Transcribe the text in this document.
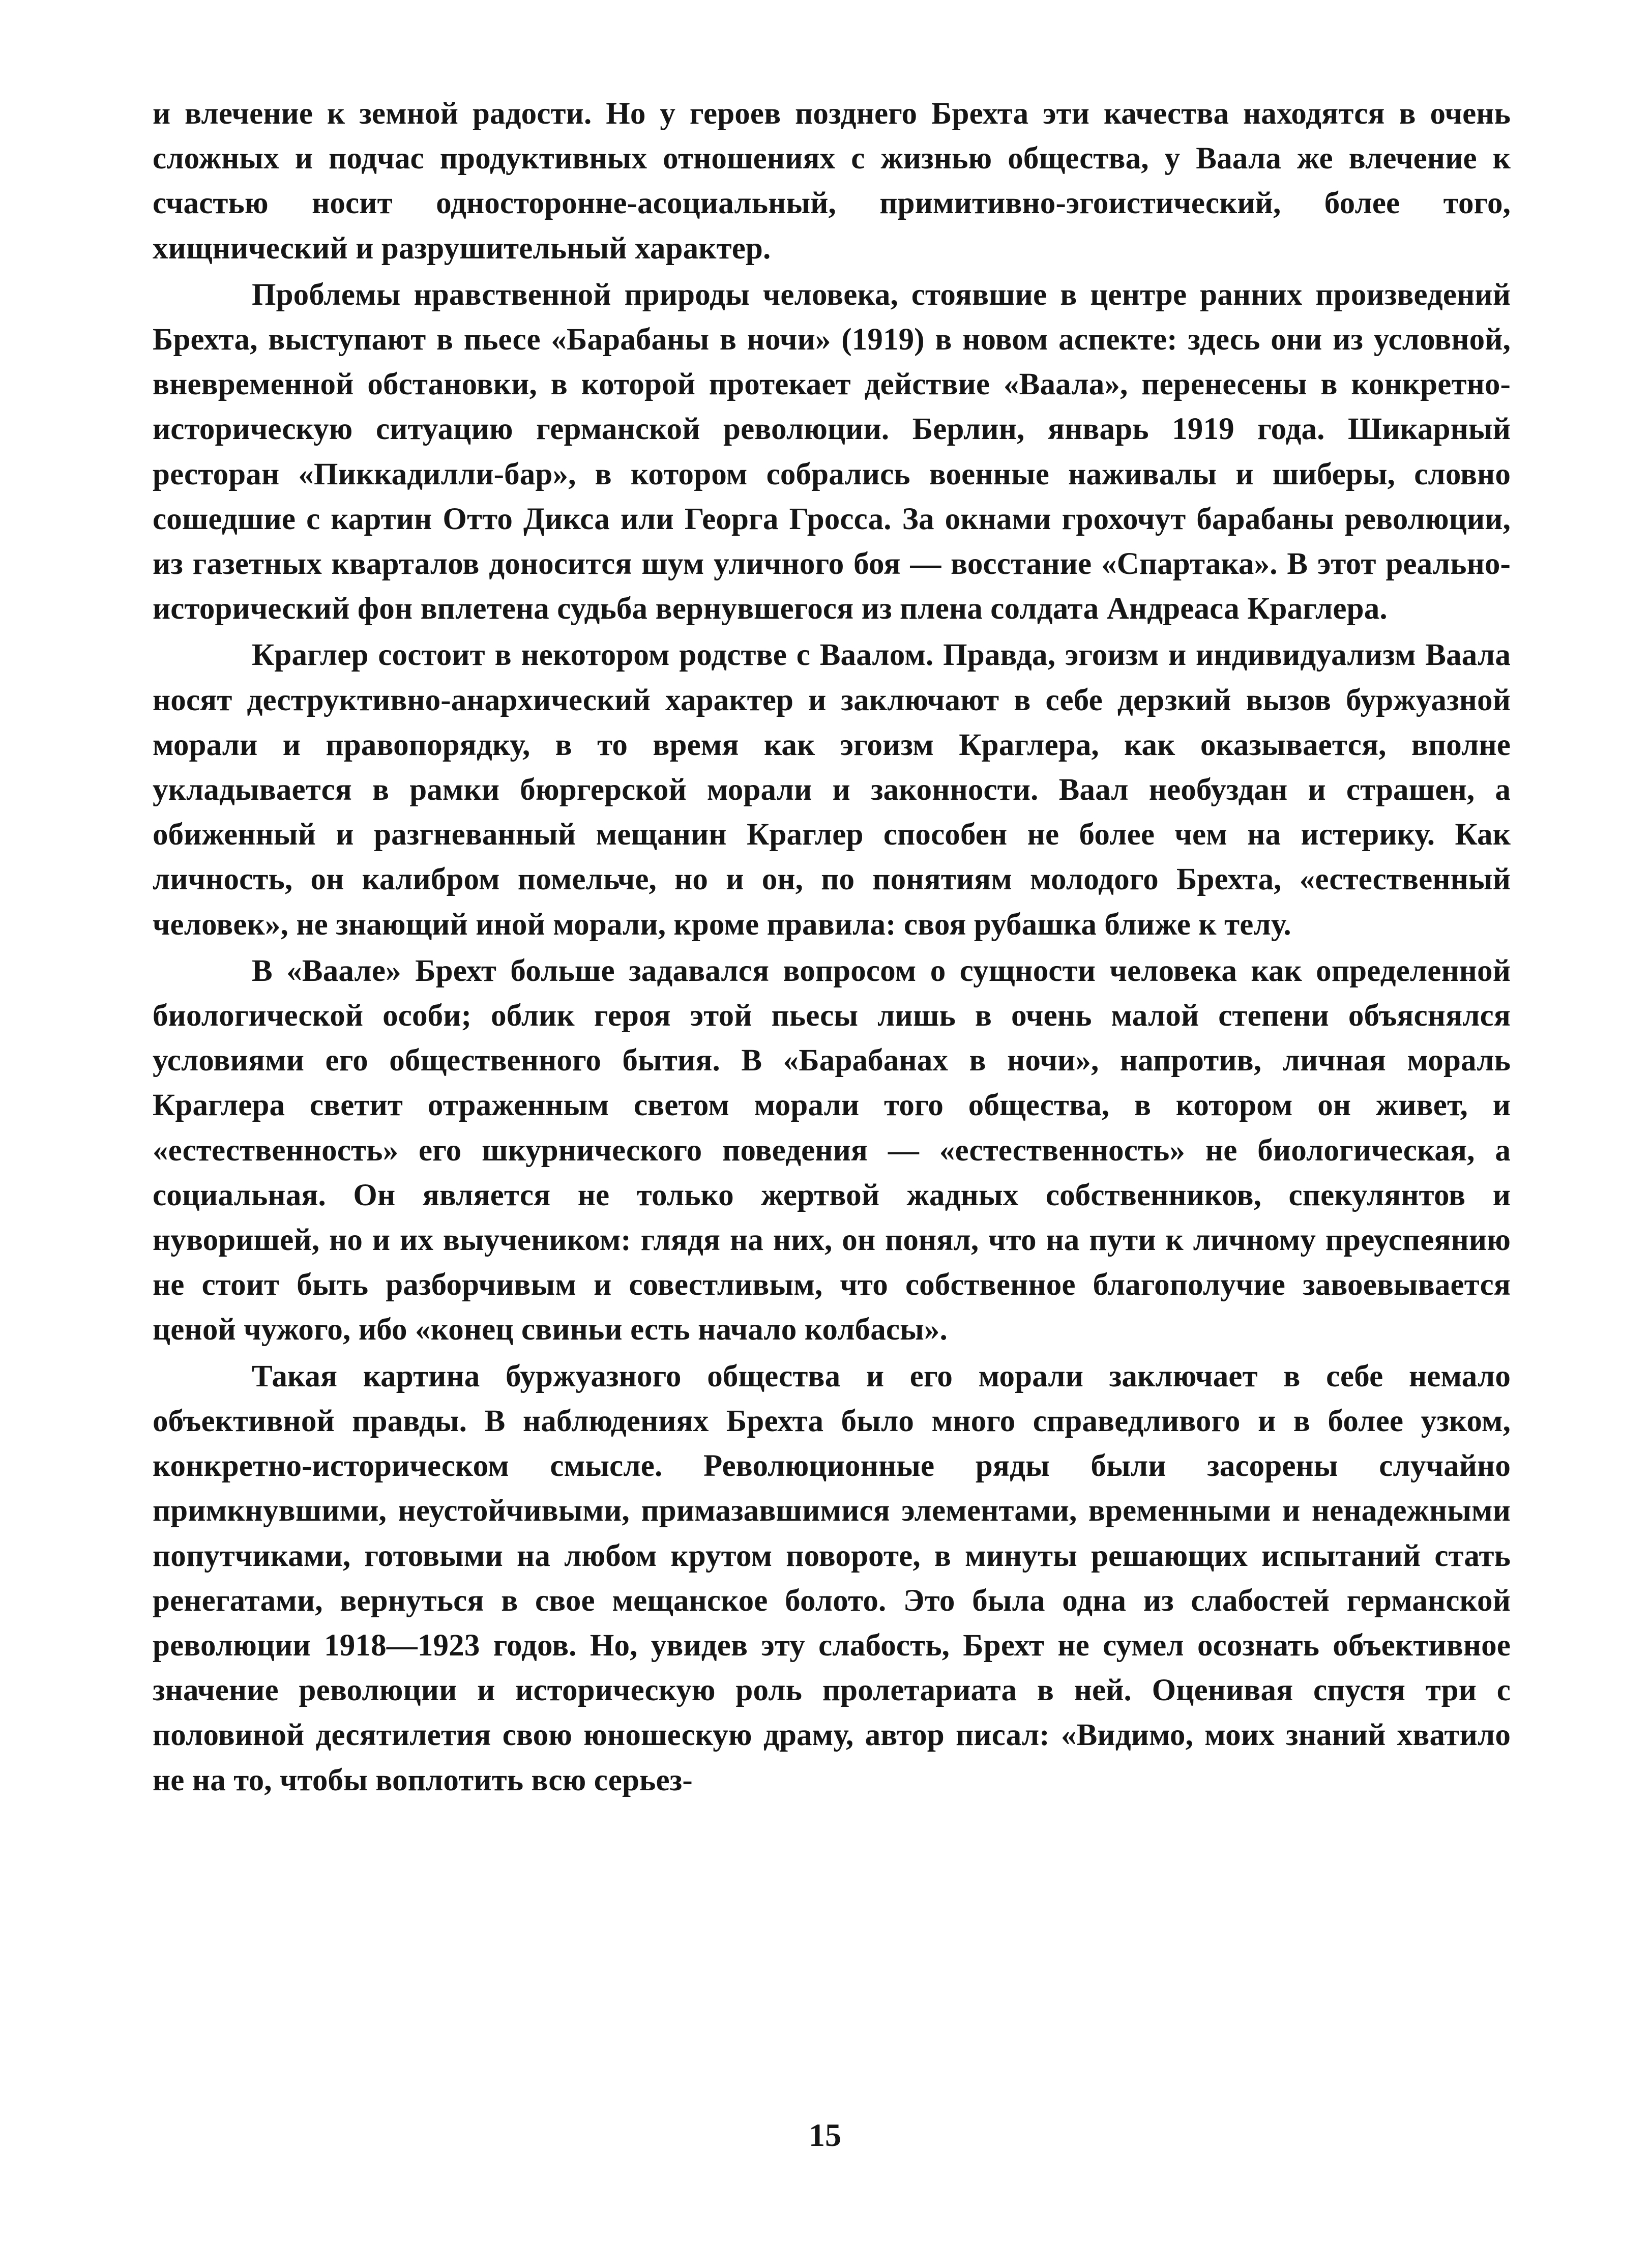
и влечение к земной радости. Но у героев позднего Брехта эти качества находятся в очень сложных и подчас продуктивных отношениях с жизнью общества, у Ваала же влечение к счастью носит односторонне-асоциальный, примитивно-эгоистический, более того, хищнический и разрушительный характер.

Проблемы нравственной природы человека, стоявшие в центре ранних произведений Брехта, выступают в пьесе «Барабаны в ночи» (1919) в новом аспекте: здесь они из условной, вневременной обстановки, в которой протекает действие «Ваала», перенесены в конкретно-историческую ситуацию германской революции. Берлин, январь 1919 года. Шикарный ресторан «Пиккадилли-бар», в котором собрались военные наживалы и шиберы, словно сошедшие с картин Отто Дикса или Георга Гросса. За окнами грохочут барабаны революции, из газетных кварталов доносится шум уличного боя — восстание «Спартака». В этот реально-исторический фон вплетена судьба вернувшегося из плена солдата Андреаса Краглера.

Краглер состоит в некотором родстве с Ваалом. Правда, эгоизм и индивидуализм Ваала носят деструктивно-анархический характер и заключают в себе дерзкий вызов буржуазной морали и правопорядку, в то время как эгоизм Краглера, как оказывается, вполне укладывается в рамки бюргерской морали и законности. Ваал необуздан и страшен, а обиженный и разгневанный мещанин Краглер способен не более чем на истерику. Как личность, он калибром помельче, но и он, по понятиям молодого Брехта, «естественный человек», не знающий иной морали, кроме правила: своя рубашка ближе к телу.

В «Ваале» Брехт больше задавался вопросом о сущности человека как определенной биологической особи; облик героя этой пьесы лишь в очень малой степени объяснялся условиями его общественного бытия. В «Барабанах в ночи», напротив, личная мораль Краглера светит отраженным светом морали того общества, в котором он живет, и «естественность» его шкурнического поведения — «естественность» не биологическая, а социальная. Он является не только жертвой жадных собственников, спекулянтов и нуворишей, но и их выучеником: глядя на них, он понял, что на пути к личному преуспеянию не стоит быть разборчивым и совестливым, что собственное благополучие завоевывается ценой чужого, ибо «конец свиньи есть начало колбасы».

Такая картина буржуазного общества и его морали заключает в себе немало объективной правды. В наблюдениях Брехта было много справедливого и в более узком, конкретно-историческом смысле. Революционные ряды были засорены случайно примкнувшими, неустойчивыми, примазавшимися элементами, временными и ненадежными попутчиками, готовыми на любом крутом повороте, в минуты решающих испытаний стать ренегатами, вернуться в свое мещанское болото. Это была одна из слабостей германской революции 1918—1923 годов. Но, увидев эту слабость, Брехт не сумел осознать объективное значение революции и историческую роль пролетариата в ней. Оценивая спустя три с половиной десятилетия свою юношескую драму, автор писал: «Видимо, моих знаний хватило не на то, чтобы воплотить всю серьез-

15
